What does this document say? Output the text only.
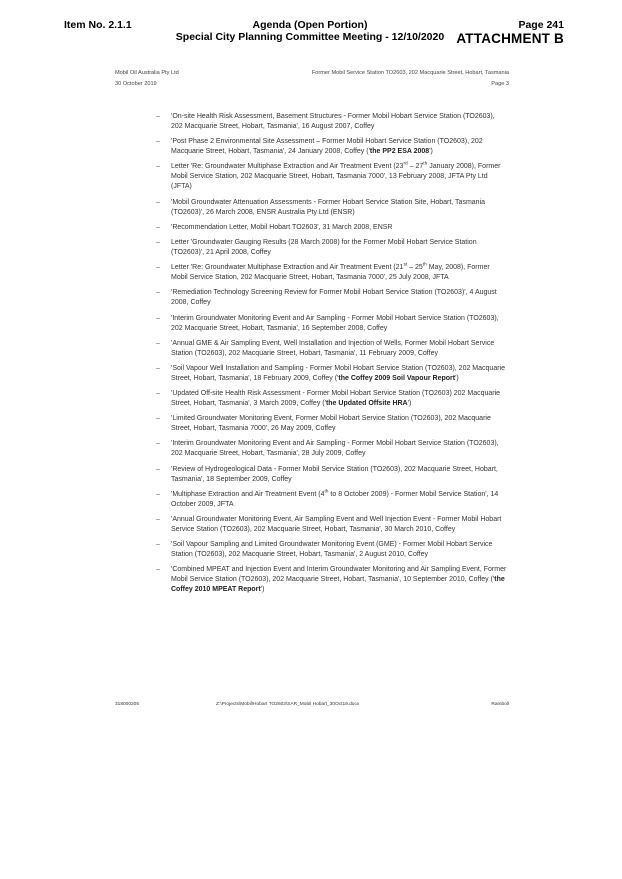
Item No. 2.1.1	Agenda (Open Portion)
Special City Planning Committee Meeting - 12/10/2020
Page 241
ATTACHMENT B
Mobil Oil Australia Pty Ltd
30 October 2019
Former Mobil Service Station TO2603, 202 Macquarie Street, Hobart, Tasmania
Page 3
– 'On-site Health Risk Assessment, Basement Structures - Former Mobil Hobart Service Station (TO2603), 202 Macquarie Street, Hobart, Tasmania', 16 August 2007, Coffey
– 'Post Phase 2 Environmental Site Assessment – Former Mobil Hobart Service Station (TO2603), 202 Macquarie Street, Hobart, Tasmania', 24 January 2008, Coffey ('the PP2 ESA 2008')
– Letter 'Re: Groundwater Multiphase Extraction and Air Treatment Event (23rd – 27th January 2008), Former Mobil Service Station, 202 Macquarie Street, Hobart, Tasmania 7000', 13 February 2008, JFTA Pty Ltd (JFTA)
– 'Mobil Groundwater Attenuation Assessments - Former Hobart Service Station Site, Hobart, Tasmania (TO2603)', 26 March 2008, ENSR Australia Pty Ltd (ENSR)
– 'Recommendation Letter, Mobil Hobart TO2603', 31 March 2008, ENSR
– Letter 'Groundwater Gauging Results (28 March 2008) for the Former Mobil Hobart Service Station (TO2603)', 21 April 2008, Coffey
– Letter 'Re: Groundwater Multiphase Extraction and Air Treatment Event (21st – 25th May, 2008), Former Mobil Service Station, 202 Macquarie Street, Hobart, Tasmania 7000', 25 July 2008, JFTA
– 'Remediation Technology Screening Review for Former Mobil Hobart Service Station (TO2603)', 4 August 2008, Coffey
– 'Interim Groundwater Monitoring Event and Air Sampling - Former Mobil Hobart Service Station (TO2603), 202 Macquarie Street, Hobart, Tasmania', 16 September 2008, Coffey
– 'Annual GME & Air Sampling Event, Well Installation and Injection of Wells, Former Mobil Hobart Service Station (TO2603), 202 Macquarie Street, Hobart, Tasmania', 11 February 2009, Coffey
– 'Soil Vapour Well Installation and Sampling - Former Mobil Hobart Service Station (TO2603), 202 Macquarie Street, Hobart, Tasmania', 18 February 2009, Coffey ('the Coffey 2009 Soil Vapour Report')
– 'Updated Off-site Health Risk Assessment - Former Mobil Hobart Service Station (TO2603) 202 Macquarie Street, Hobart, Tasmania', 3 March 2009, Coffey ('the Updated Offsite HRA')
– 'Limited Groundwater Monitoring Event, Former Mobil Hobart Service Station (TO2603), 202 Macquarie Street, Hobart, Tasmania 7000', 26 May 2009, Coffey
– 'Interim Groundwater Monitoring Event and Air Sampling - Former Mobil Hobart Service Station (TO2603), 202 Macquarie Street, Hobart, Tasmania', 28 July 2009, Coffey
– 'Review of Hydrogeological Data - Former Mobil Service Station (TO2603), 202 Macquarie Street, Hobart, Tasmania', 18 September 2009, Coffey
– 'Multiphase Extraction and Air Treatment Event (4th to 8 October 2009) - Former Mobil Service Station', 14 October 2009, JFTA
– 'Annual Groundwater Monitoring Event, Air Sampling Event and Well Injection Event - Former Mobil Hobart Service Station (TO2603), 202 Macquarie Street, Hobart, Tasmania', 30 March 2010, Coffey
– 'Soil Vapour Sampling and Limited Groundwater Monitoring Event (GME) - Former Mobil Hobart Service Station (TO2603), 202 Macquarie Street, Hobart, Tasmania', 2 August 2010, Coffey
– 'Combined MPEAT and Injection Event and Interim Groundwater Monitoring and Air Sampling Event, Former Mobil Service Station (TO2603), 202 Macquarie Street, Hobart, Tasmania', 10 September 2010, Coffey ('the Coffey 2010 MPEAT Report')
318000205	Z:\Projects\Mobil\Hobart TO2603\SAR_Mobil Hobart_30Oct19.docx	Ramboll
